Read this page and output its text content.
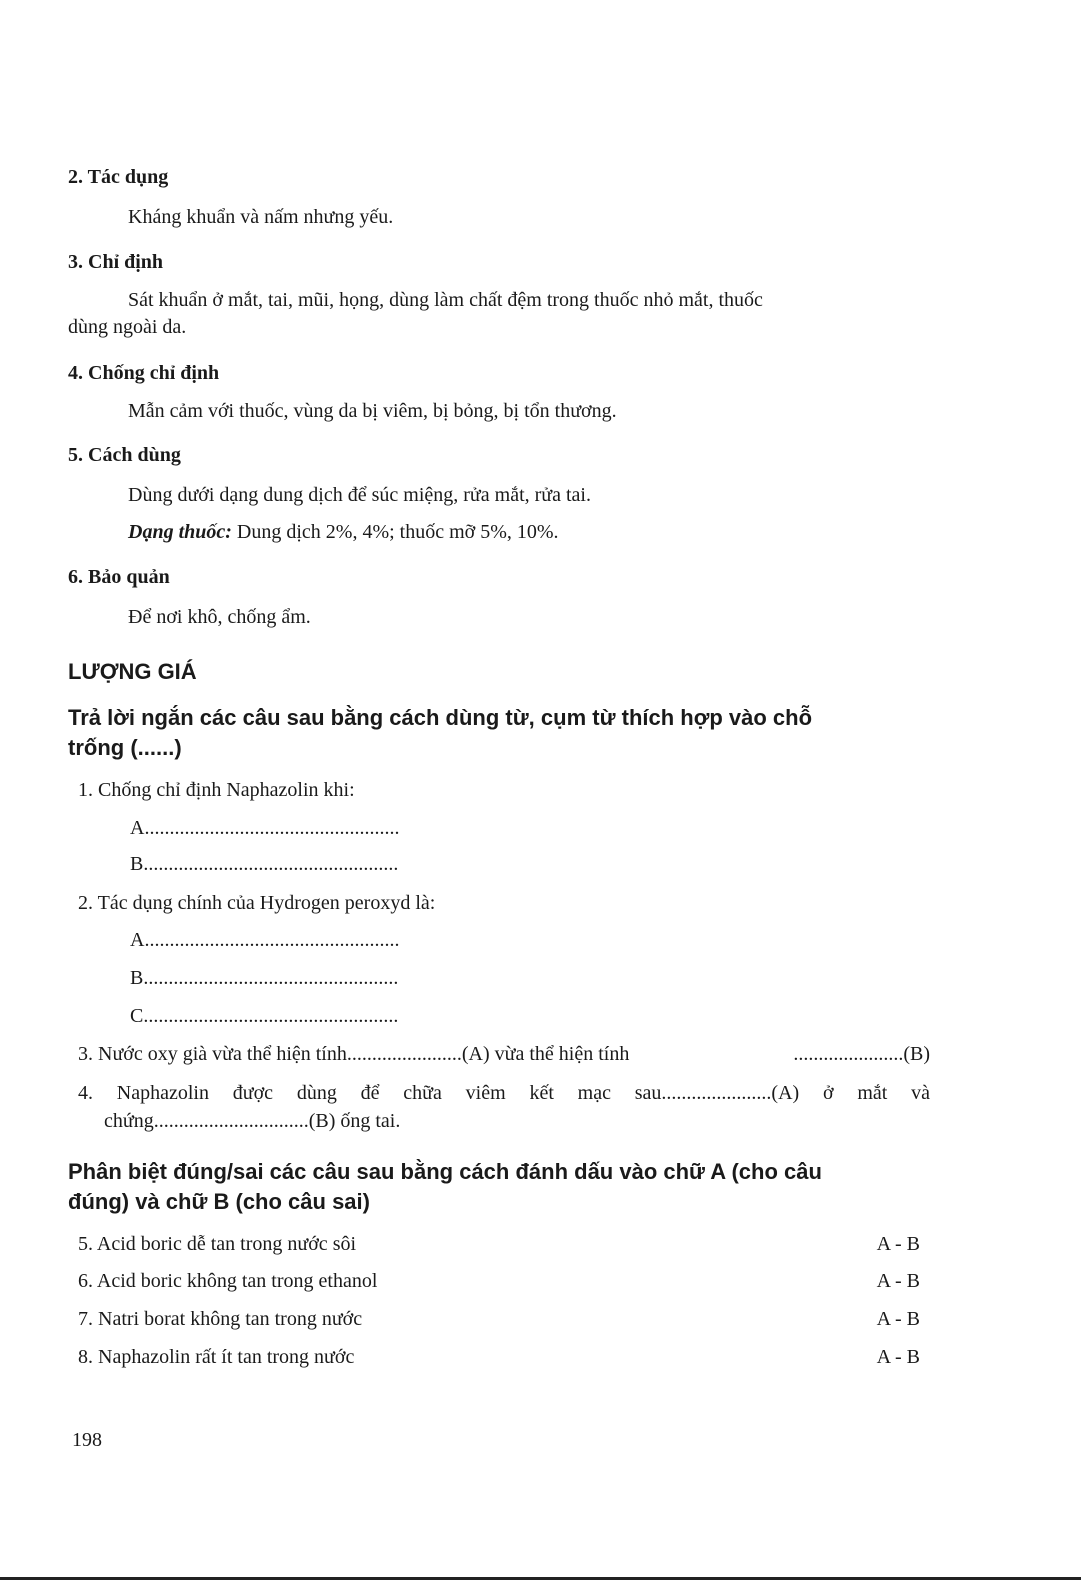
2. Tác dụng
Kháng khuẩn và nấm nhưng yếu.
3. Chỉ định
Sát khuẩn ở mắt, tai, mũi, họng, dùng làm chất đệm trong thuốc nhỏ mắt, thuốc
dùng ngoài da.
4. Chống chỉ định
Mẫn cảm với thuốc, vùng da bị viêm, bị bỏng, bị tổn thương.
5. Cách dùng
Dùng dưới dạng dung dịch để súc miệng, rửa mắt, rửa tai.
Dạng thuốc: Dung dịch 2%, 4%; thuốc mỡ 5%, 10%.
6. Bảo quản
Để nơi khô, chống ẩm.
LƯỢNG GIÁ
Trả lời ngắn các câu sau bằng cách dùng từ, cụm từ thích hợp vào chỗ
trống (......)
1. Chống chỉ định Naphazolin khi:
A...................................................
B...................................................
2. Tác dụng chính của Hydrogen peroxyd là:
A...................................................
B...................................................
C...................................................
3. Nước oxy già vừa thể hiện tính.......................(A) vừa thể hiện tính	......................(B)
4. Naphazolin được dùng để chữa viêm kết mạc sau......................(A) ở mắt và
chứng...............................(B) ống tai.
Phân biệt đúng/sai các câu sau bằng cách đánh dấu vào chữ A (cho câu
đúng) và chữ B (cho câu sai)
5. Acid boric dễ tan trong nước sôi	A - B
6. Acid boric không tan trong ethanol	A - B
7. Natri borat không tan trong nước	A - B
8. Naphazolin rất ít tan trong nước	A - B
198
